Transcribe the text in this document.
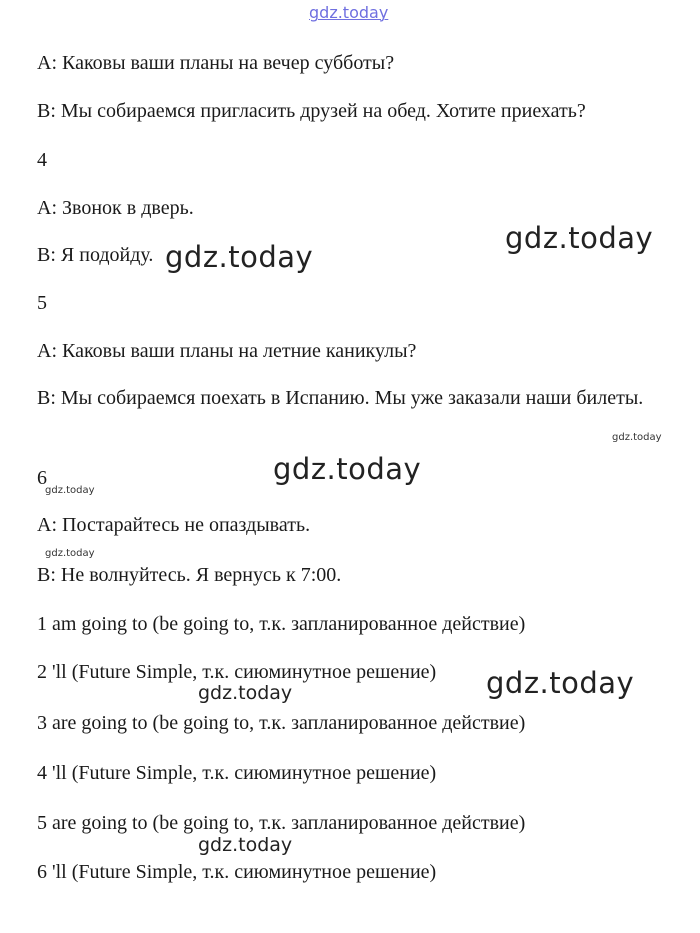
gdz.today

A: Каковы ваши планы на вечер субботы?

B: Мы собираемся пригласить друзей на обед. Хотите приехать?

4

A: Звонок в дверь.

B: Я подойду.

5

A: Каковы ваши планы на летние каникулы?

B: Мы собираемся поехать в Испанию. Мы уже заказали наши билеты.

6

A: Постарайтесь не опаздывать.

B: Не волнуйтесь. Я вернусь к 7:00.

1 am going to (be going to, т.к. запланированное действие)

2 'll (Future Simple, т.к. сиюминутное решение)

3 are going to (be going to, т.к. запланированное действие)

4 'll (Future Simple, т.к. сиюминутное решение)

5 are going to (be going to, т.к. запланированное действие)

6 'll (Future Simple, т.к. сиюминутное решение)

gdz.today

gdz.today

gdz.today

gdz.today

gdz.today

gdz.today

gdz.today

gdz.today

gdz.today
